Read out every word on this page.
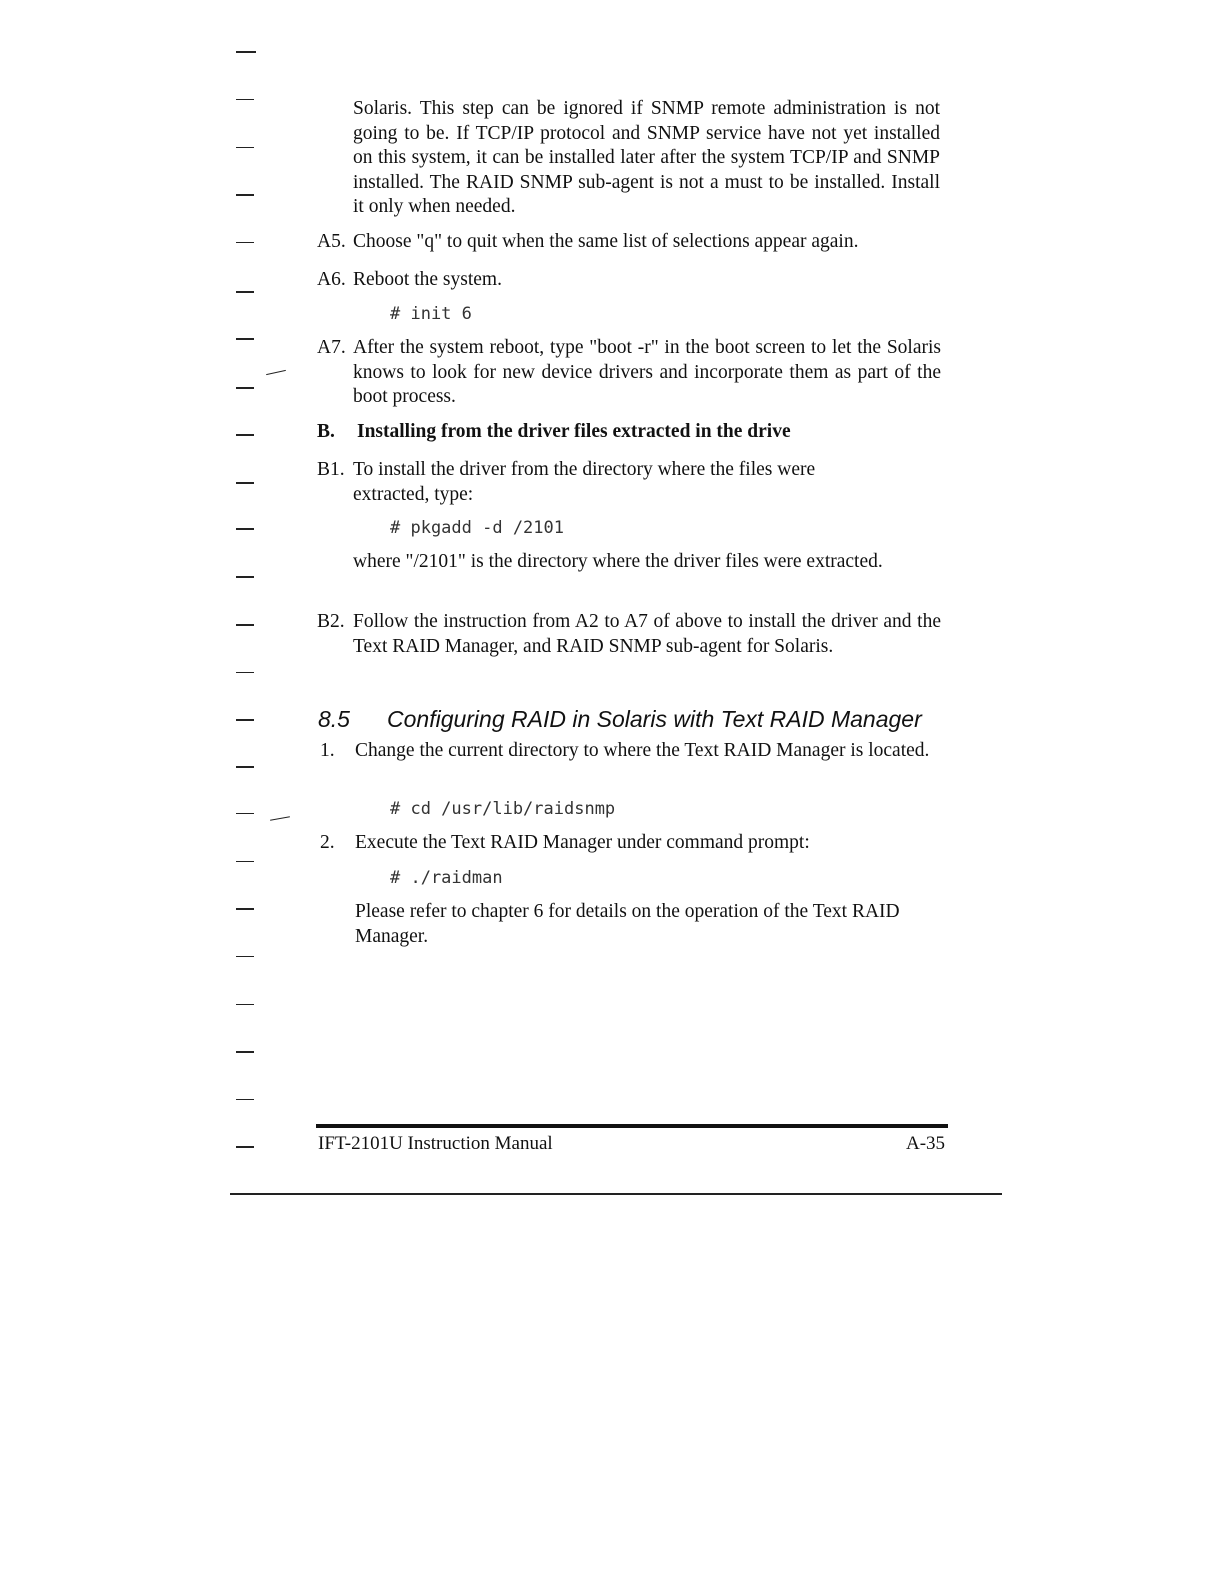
Solaris. This step can be ignored if SNMP remote administration is not going to be. If TCP/IP protocol and SNMP service have not yet installed on this system, it can be installed later after the system TCP/IP and SNMP installed. The RAID SNMP sub-agent is not a must to be installed. Install it only when needed.
A5. Choose "q" to quit when the same list of selections appear again.
A6. Reboot the system.
# init 6
A7. After the system reboot, type "boot -r" in the boot screen to let the Solaris knows to look for new device drivers and incorporate them as part of the boot process.
B. Installing from the driver files extracted in the drive
B1. To install the driver from the directory where the files were extracted, type:
# pkgadd -d /2101
where "/2101" is the directory where the driver files were extracted.
B2. Follow the instruction from A2 to A7 of above to install the driver and the Text RAID Manager, and RAID SNMP sub-agent for Solaris.
8.5 Configuring RAID in Solaris with Text RAID Manager
1. Change the current directory to where the Text RAID Manager is located.
# cd /usr/lib/raidsnmp
2. Execute the Text RAID Manager under command prompt:
# ./raidman
Please refer to chapter 6 for details on the operation of the Text RAID Manager.
IFT-2101U Instruction Manual	A-35
